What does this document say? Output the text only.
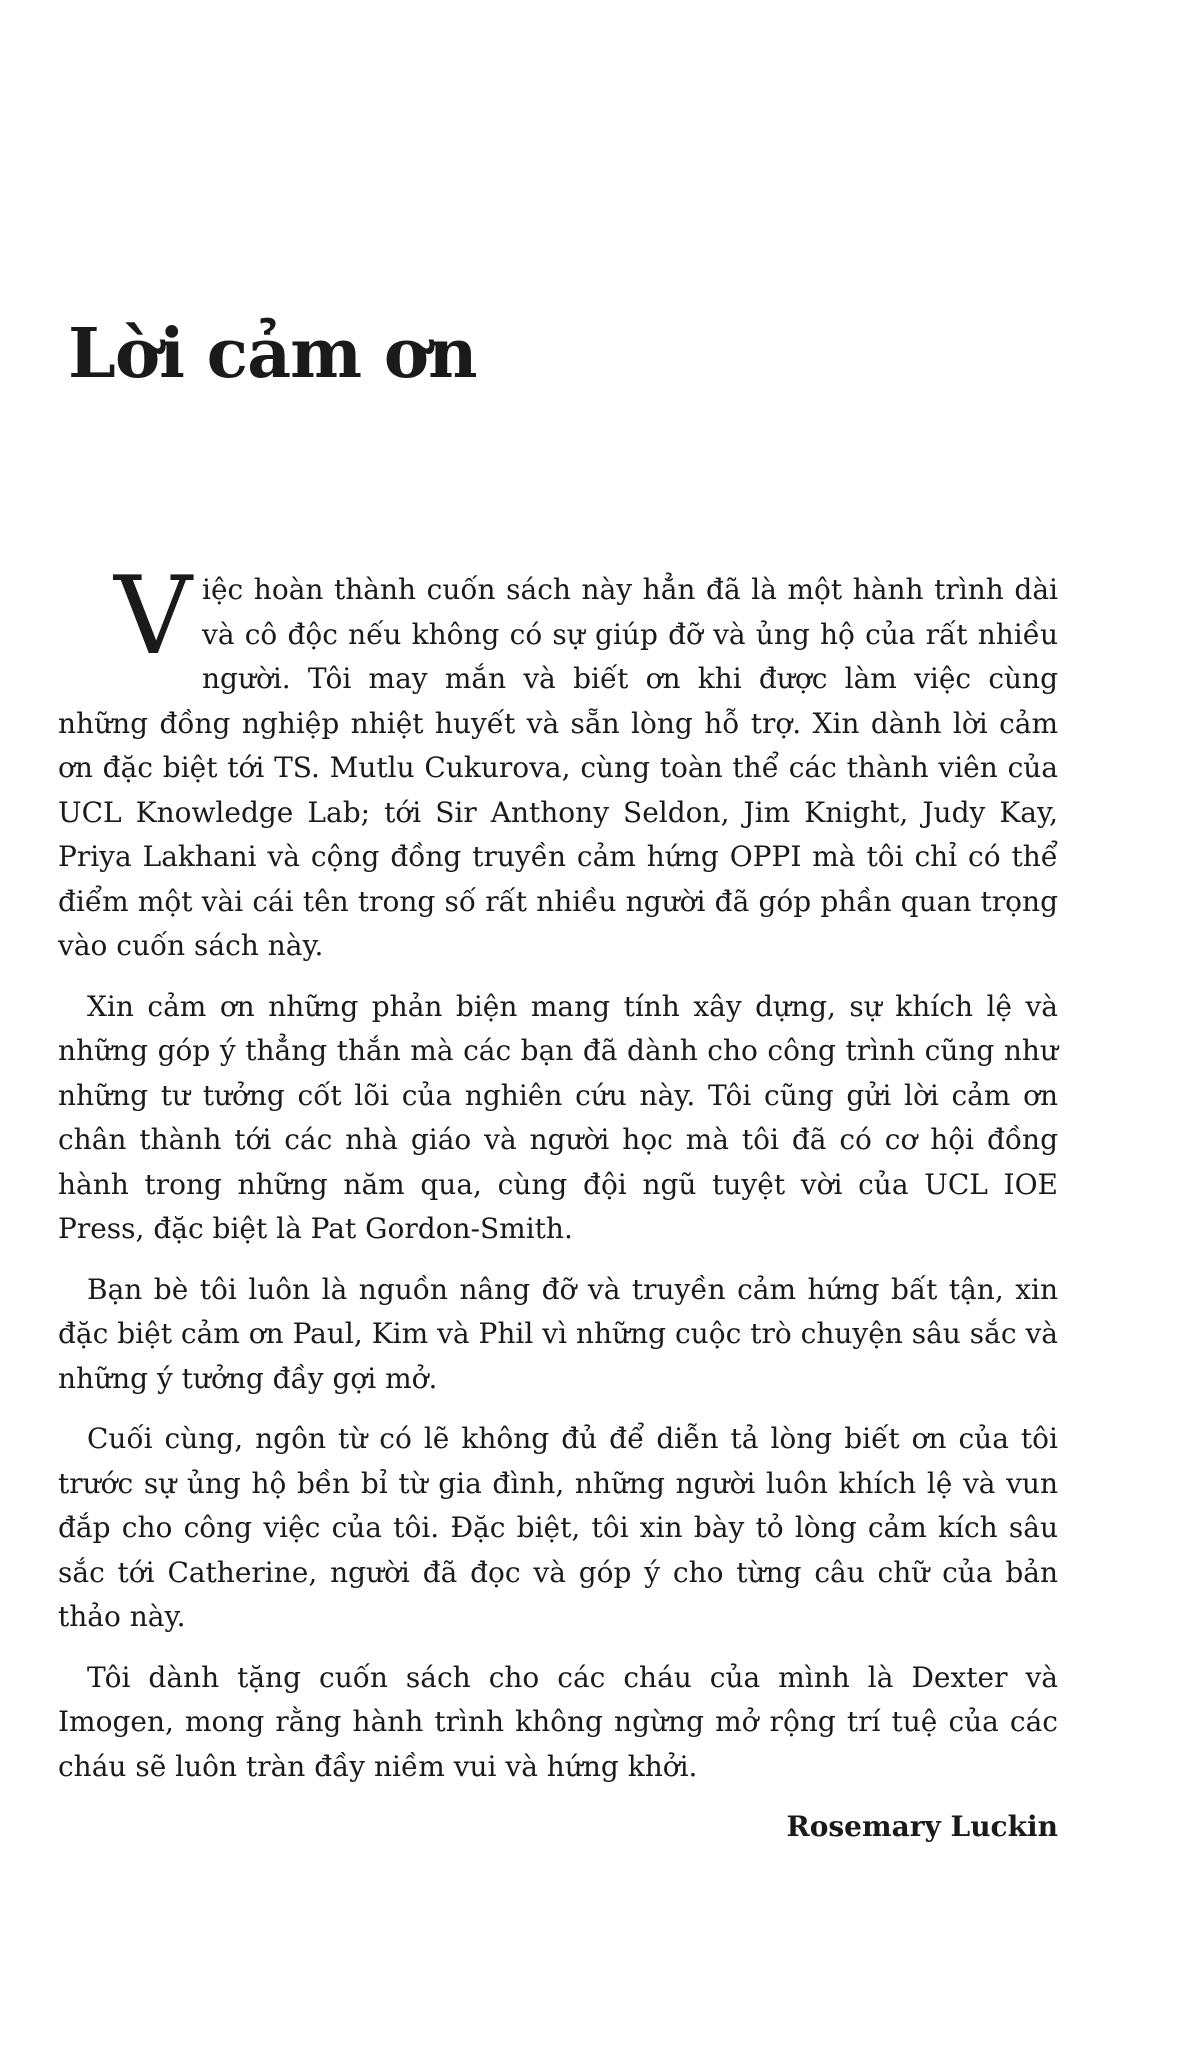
Lời cảm ơn

Việc hoàn thành cuốn sách này hẳn đã là một hành trình dài và cô độc nếu không có sự giúp đỡ và ủng hộ của rất nhiều người. Tôi may mắn và biết ơn khi được làm việc cùng những đồng nghiệp nhiệt huyết và sẵn lòng hỗ trợ. Xin dành lời cảm ơn đặc biệt tới TS. Mutlu Cukurova, cùng toàn thể các thành viên của UCL Knowledge Lab; tới Sir Anthony Seldon, Jim Knight, Judy Kay, Priya Lakhani và cộng đồng truyền cảm hứng OPPI mà tôi chỉ có thể điểm một vài cái tên trong số rất nhiều người đã góp phần quan trọng vào cuốn sách này.

Xin cảm ơn những phản biện mang tính xây dựng, sự khích lệ và những góp ý thẳng thắn mà các bạn đã dành cho công trình cũng như những tư tưởng cốt lõi của nghiên cứu này. Tôi cũng gửi lời cảm ơn chân thành tới các nhà giáo và người học mà tôi đã có cơ hội đồng hành trong những năm qua, cùng đội ngũ tuyệt vời của UCL IOE Press, đặc biệt là Pat Gordon-Smith.

Bạn bè tôi luôn là nguồn nâng đỡ và truyền cảm hứng bất tận, xin đặc biệt cảm ơn Paul, Kim và Phil vì những cuộc trò chuyện sâu sắc và những ý tưởng đầy gợi mở.

Cuối cùng, ngôn từ có lẽ không đủ để diễn tả lòng biết ơn của tôi trước sự ủng hộ bền bỉ từ gia đình, những người luôn khích lệ và vun đắp cho công việc của tôi. Đặc biệt, tôi xin bày tỏ lòng cảm kích sâu sắc tới Catherine, người đã đọc và góp ý cho từng câu chữ của bản thảo này.

Tôi dành tặng cuốn sách cho các cháu của mình là Dexter và Imogen, mong rằng hành trình không ngừng mở rộng trí tuệ của các cháu sẽ luôn tràn đầy niềm vui và hứng khởi.

Rosemary Luckin
